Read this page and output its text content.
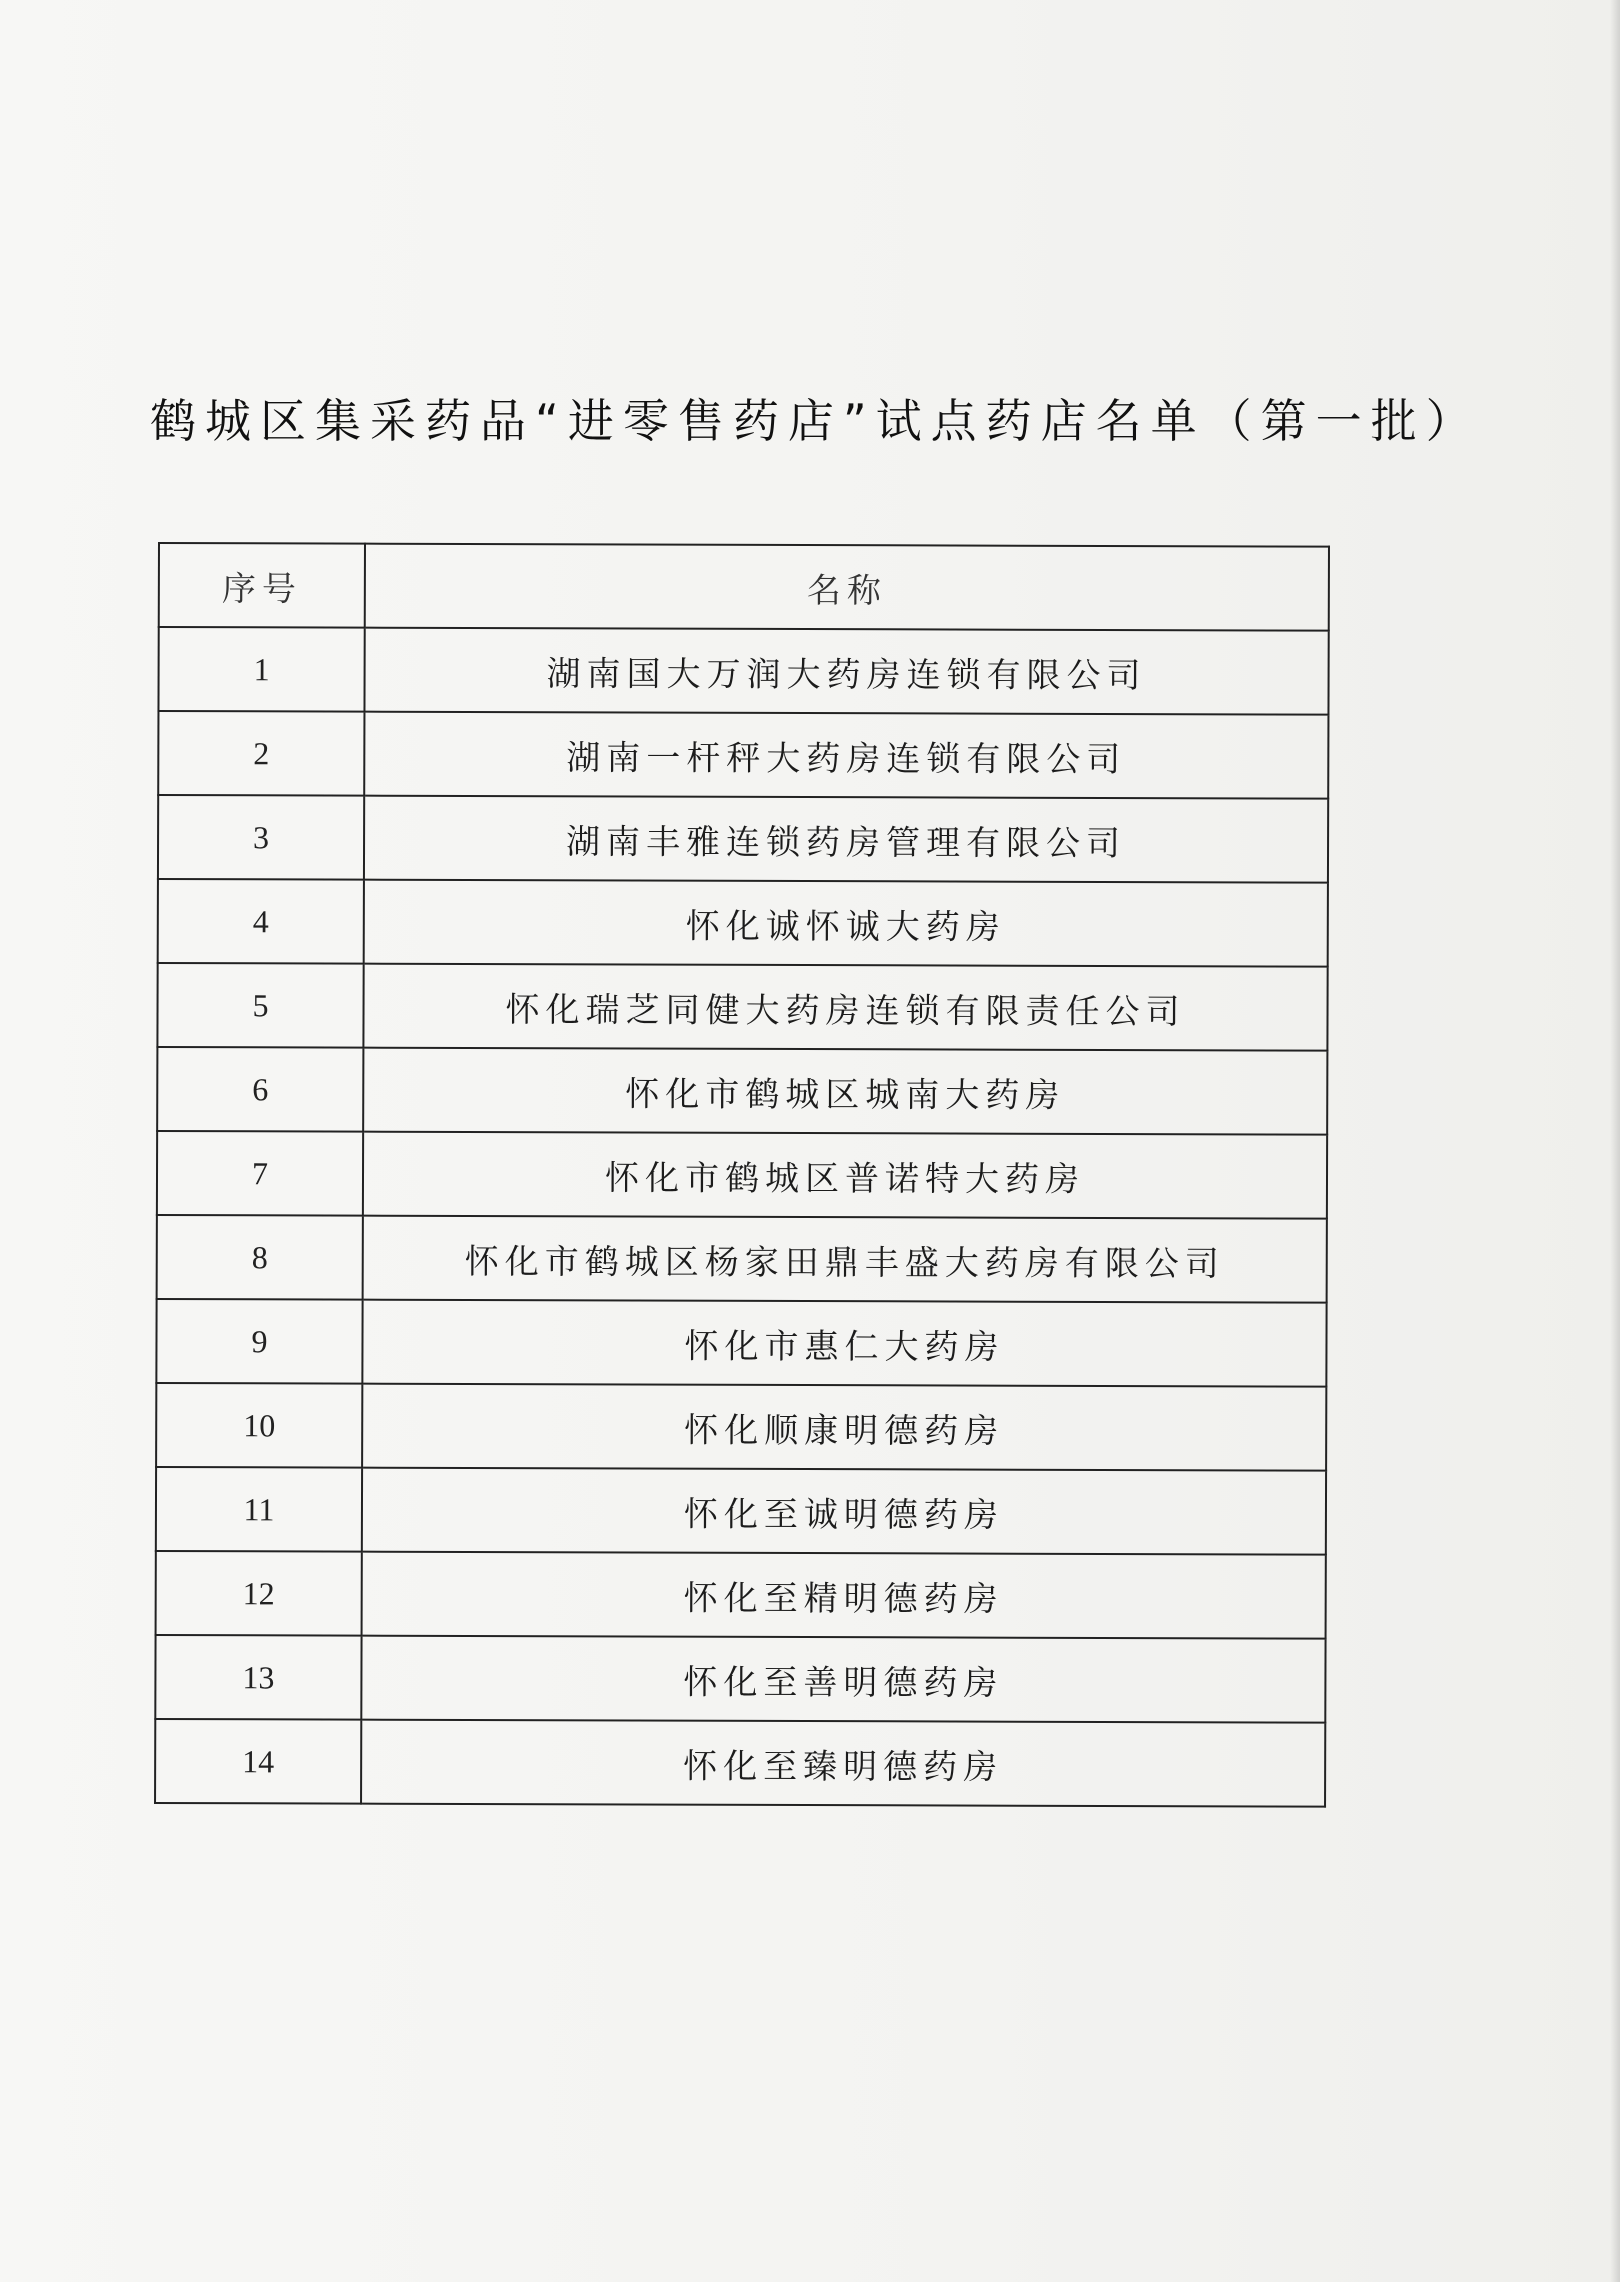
鹤城区集采药品“进零售药店”试点药店名单（第一批）
序号	名称
1	湖南国大万润大药房连锁有限公司
2	湖南一杆秤大药房连锁有限公司
3	湖南丰雅连锁药房管理有限公司
4	怀化诚怀诚大药房
5	怀化瑞芝同健大药房连锁有限责任公司
6	怀化市鹤城区城南大药房
7	怀化市鹤城区普诺特大药房
8	怀化市鹤城区杨家田鼎丰盛大药房有限公司
9	怀化市惠仁大药房
10	怀化顺康明德药房
11	怀化至诚明德药房
12	怀化至精明德药房
13	怀化至善明德药房
14	怀化至臻明德药房
